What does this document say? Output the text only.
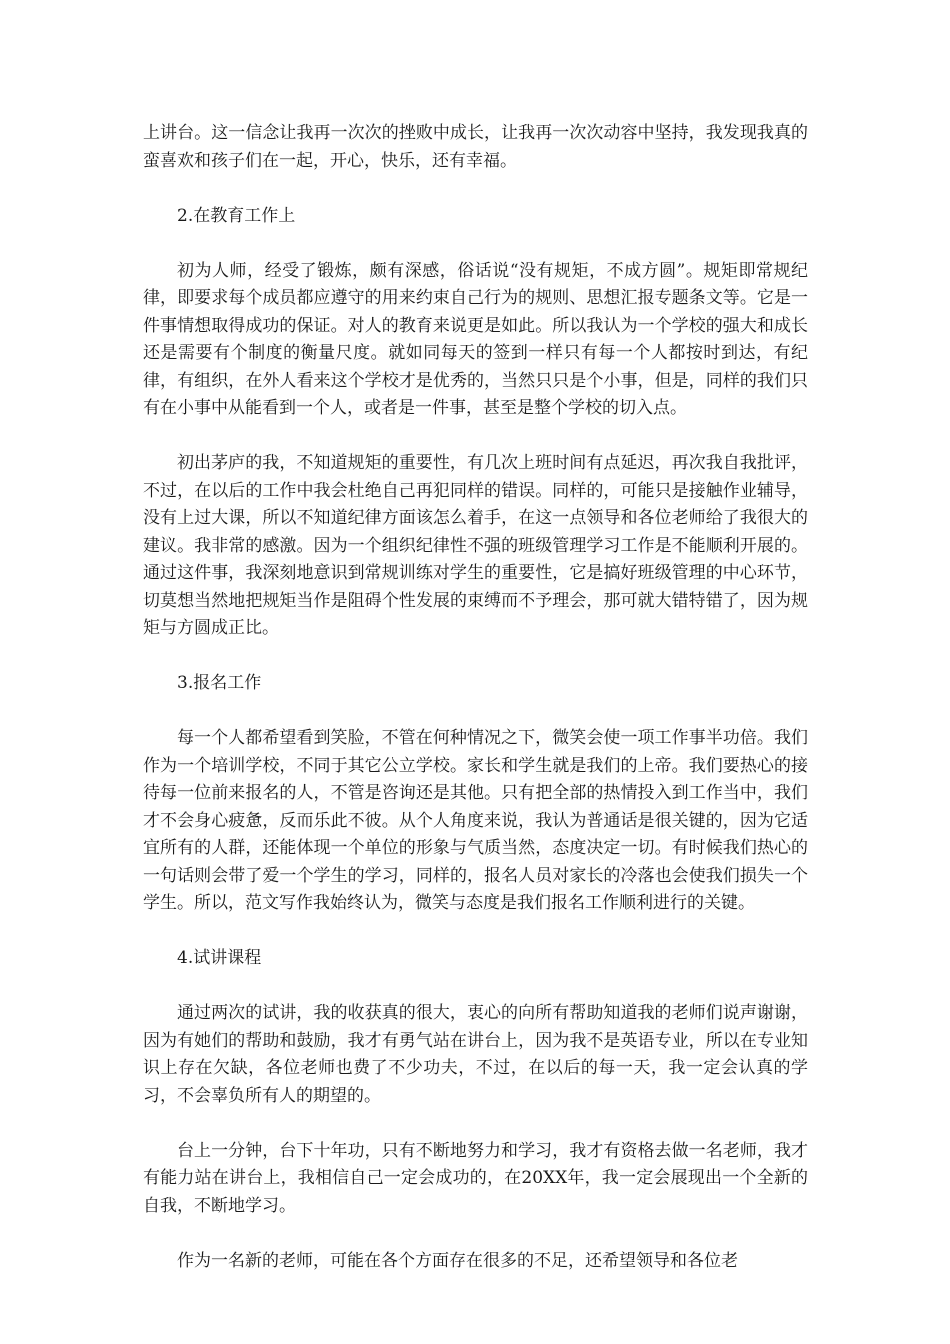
上讲台。这一信念让我再一次次的挫败中成长，让我再一次次动容中坚持，我发现我真的蛮喜欢和孩子们在一起，开心，快乐，还有幸福。

2.在教育工作上

初为人师，经受了锻炼，颇有深感，俗话说“没有规矩，不成方圆”。规矩即常规纪律，即要求每个成员都应遵守的用来约束自己行为的规则、思想汇报专题条文等。它是一件事情想取得成功的保证。对人的教育来说更是如此。所以我认为一个学校的强大和成长还是需要有个制度的衡量尺度。就如同每天的签到一样只有每一个人都按时到达，有纪律，有组织，在外人看来这个学校才是优秀的，当然只只是个小事，但是，同样的我们只有在小事中从能看到一个人，或者是一件事，甚至是整个学校的切入点。

初出茅庐的我，不知道规矩的重要性，有几次上班时间有点延迟，再次我自我批评，不过，在以后的工作中我会杜绝自己再犯同样的错误。同样的，可能只是接触作业辅导，没有上过大课，所以不知道纪律方面该怎么着手，在这一点领导和各位老师给了我很大的建议。我非常的感激。因为一个组织纪律性不强的班级管理学习工作是不能顺利开展的。通过这件事，我深刻地意识到常规训练对学生的重要性，它是搞好班级管理的中心环节，切莫想当然地把规矩当作是阻碍个性发展的束缚而不予理会，那可就大错特错了，因为规矩与方圆成正比。

3.报名工作

每一个人都希望看到笑脸，不管在何种情况之下，微笑会使一项工作事半功倍。我们作为一个培训学校，不同于其它公立学校。家长和学生就是我们的上帝。我们要热心的接待每一位前来报名的人，不管是咨询还是其他。只有把全部的热情投入到工作当中，我们才不会身心疲惫，反而乐此不彼。从个人角度来说，我认为普通话是很关键的，因为它适宜所有的人群，还能体现一个单位的形象与气质当然，态度决定一切。有时候我们热心的一句话则会带了爱一个学生的学习，同样的，报名人员对家长的冷落也会使我们损失一个学生。所以，范文写作我始终认为，微笑与态度是我们报名工作顺利进行的关键。

4.试讲课程

通过两次的试讲，我的收获真的很大，衷心的向所有帮助知道我的老师们说声谢谢，因为有她们的帮助和鼓励，我才有勇气站在讲台上，因为我不是英语专业，所以在专业知识上存在欠缺，各位老师也费了不少功夫，不过，在以后的每一天，我一定会认真的学习，不会辜负所有人的期望的。

台上一分钟，台下十年功，只有不断地努力和学习，我才有资格去做一名老师，我才有能力站在讲台上，我相信自己一定会成功的，在20XX年，我一定会展现出一个全新的自我，不断地学习。

作为一名新的老师，可能在各个方面存在很多的不足，还希望领导和各位老
